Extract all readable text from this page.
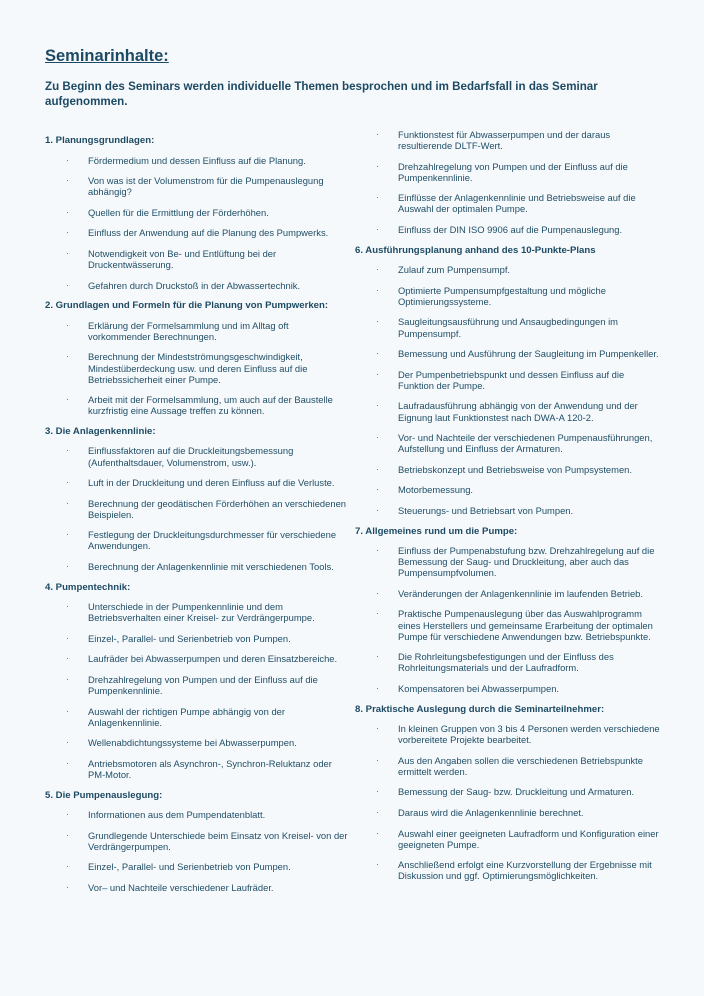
Seminarinhalte:

Zu Beginn des Seminars werden individuelle Themen besprochen und im Bedarfsfall in das Seminar aufgenommen.

1. Planungsgrundlagen:
· Fördermedium und dessen Einfluss auf die Planung.
· Von was ist der Volumenstrom für die Pumpenauslegung abhängig?
· Quellen für die Ermittlung der Förderhöhen.
· Einfluss der Anwendung auf die Planung des Pumpwerks.
· Notwendigkeit von Be- und Entlüftung bei der Druckentwässerung.
· Gefahren durch Druckstoß in der Abwassertechnik.
2. Grundlagen und Formeln für die Planung von Pumpwerken:
· Erklärung der Formelsammlung und im Alltag oft vorkommender Berechnungen.
· Berechnung der Mindestströmungsgeschwindigkeit, Mindestüberdeckung usw. und deren Einfluss auf die Betriebssicherheit einer Pumpe.
· Arbeit mit der Formelsammlung, um auch auf der Baustelle kurzfristig eine Aussage treffen zu können.
3. Die Anlagenkennlinie:
· Einflussfaktoren auf die Druckleitungsbemessung (Aufenthaltsdauer, Volumenstrom, usw.).
· Luft in der Druckleitung und deren Einfluss auf die Verluste.
· Berechnung der geodätischen Förderhöhen an verschiedenen Beispielen.
· Festlegung der Druckleitungsdurchmesser für verschiedene Anwendungen.
· Berechnung der Anlagenkennlinie mit verschiedenen Tools.
4. Pumpentechnik:
· Unterschiede in der Pumpenkennlinie und dem Betriebsverhalten einer Kreisel- zur Verdrängerpumpe.
· Einzel-, Parallel- und Serienbetrieb von Pumpen.
· Laufräder bei Abwasserpumpen und deren Einsatzbereiche.
· Drehzahlregelung von Pumpen und der Einfluss auf die Pumpenkennlinie.
· Auswahl der richtigen Pumpe abhängig von der Anlagenkennlinie.
· Wellenabdichtungssysteme bei Abwasserpumpen.
· Antriebsmotoren als Asynchron-, Synchron-Reluktanz oder PM-Motor.
5. Die Pumpenauslegung:
· Informationen aus dem Pumpendatenblatt.
· Grundlegende Unterschiede beim Einsatz von Kreisel- von der Verdrängerpumpen.
· Einzel-, Parallel- und Serienbetrieb von Pumpen.
· Vor– und Nachteile verschiedener Laufräder.
· Funktionstest für Abwasserpumpen und der daraus resultierende DLTF-Wert.
· Drehzahlregelung von Pumpen und der Einfluss auf die Pumpenkennlinie.
· Einflüsse der Anlagenkennlinie und Betriebsweise auf die Auswahl der optimalen Pumpe.
· Einfluss der DIN ISO 9906 auf die Pumpenauslegung.
6. Ausführungsplanung anhand des 10-Punkte-Plans
· Zulauf zum Pumpensumpf.
· Optimierte Pumpensumpfgestaltung und mögliche Optimierungssysteme.
· Saugleitungsausführung und Ansaugbedingungen im Pumpensumpf.
· Bemessung und Ausführung der Saugleitung im Pumpenkeller.
· Der Pumpenbetriebspunkt und dessen Einfluss auf die Funktion der Pumpe.
· Laufradausführung abhängig von der Anwendung und der Eignung laut Funktionstest nach DWA-A 120-2.
· Vor- und Nachteile der verschiedenen Pumpenausführungen, Aufstellung und Einfluss der Armaturen.
· Betriebskonzept und Betriebsweise von Pumpsystemen.
· Motorbemessung.
· Steuerungs- und Betriebsart von Pumpen.
7. Allgemeines rund um die Pumpe:
· Einfluss der Pumpenabstufung bzw. Drehzahlregelung auf die Bemessung der Saug- und Druckleitung, aber auch das Pumpensumpfvolumen.
· Veränderungen der Anlagenkennlinie im laufenden Betrieb.
· Praktische Pumpenauslegung über das Auswahlprogramm eines Herstellers und gemeinsame Erarbeitung der optimalen Pumpe für verschiedene Anwendungen bzw. Betriebspunkte.
· Die Rohrleitungsbefestigungen und der Einfluss des Rohrleitungsmaterials und der Laufradform.
· Kompensatoren bei Abwasserpumpen.
8. Praktische Auslegung durch die Seminarteilnehmer:
· In kleinen Gruppen von 3 bis 4 Personen werden verschiedene vorbereitete Projekte bearbeitet.
· Aus den Angaben sollen die verschiedenen Betriebspunkte ermittelt werden.
· Bemessung der Saug- bzw. Druckleitung und Armaturen.
· Daraus wird die Anlagenkennlinie berechnet.
· Auswahl einer geeigneten Laufradform und Konfiguration einer geeigneten Pumpe.
· Anschließend erfolgt eine Kurzvorstellung der Ergebnisse mit Diskussion und ggf. Optimierungsmöglichkeiten.
